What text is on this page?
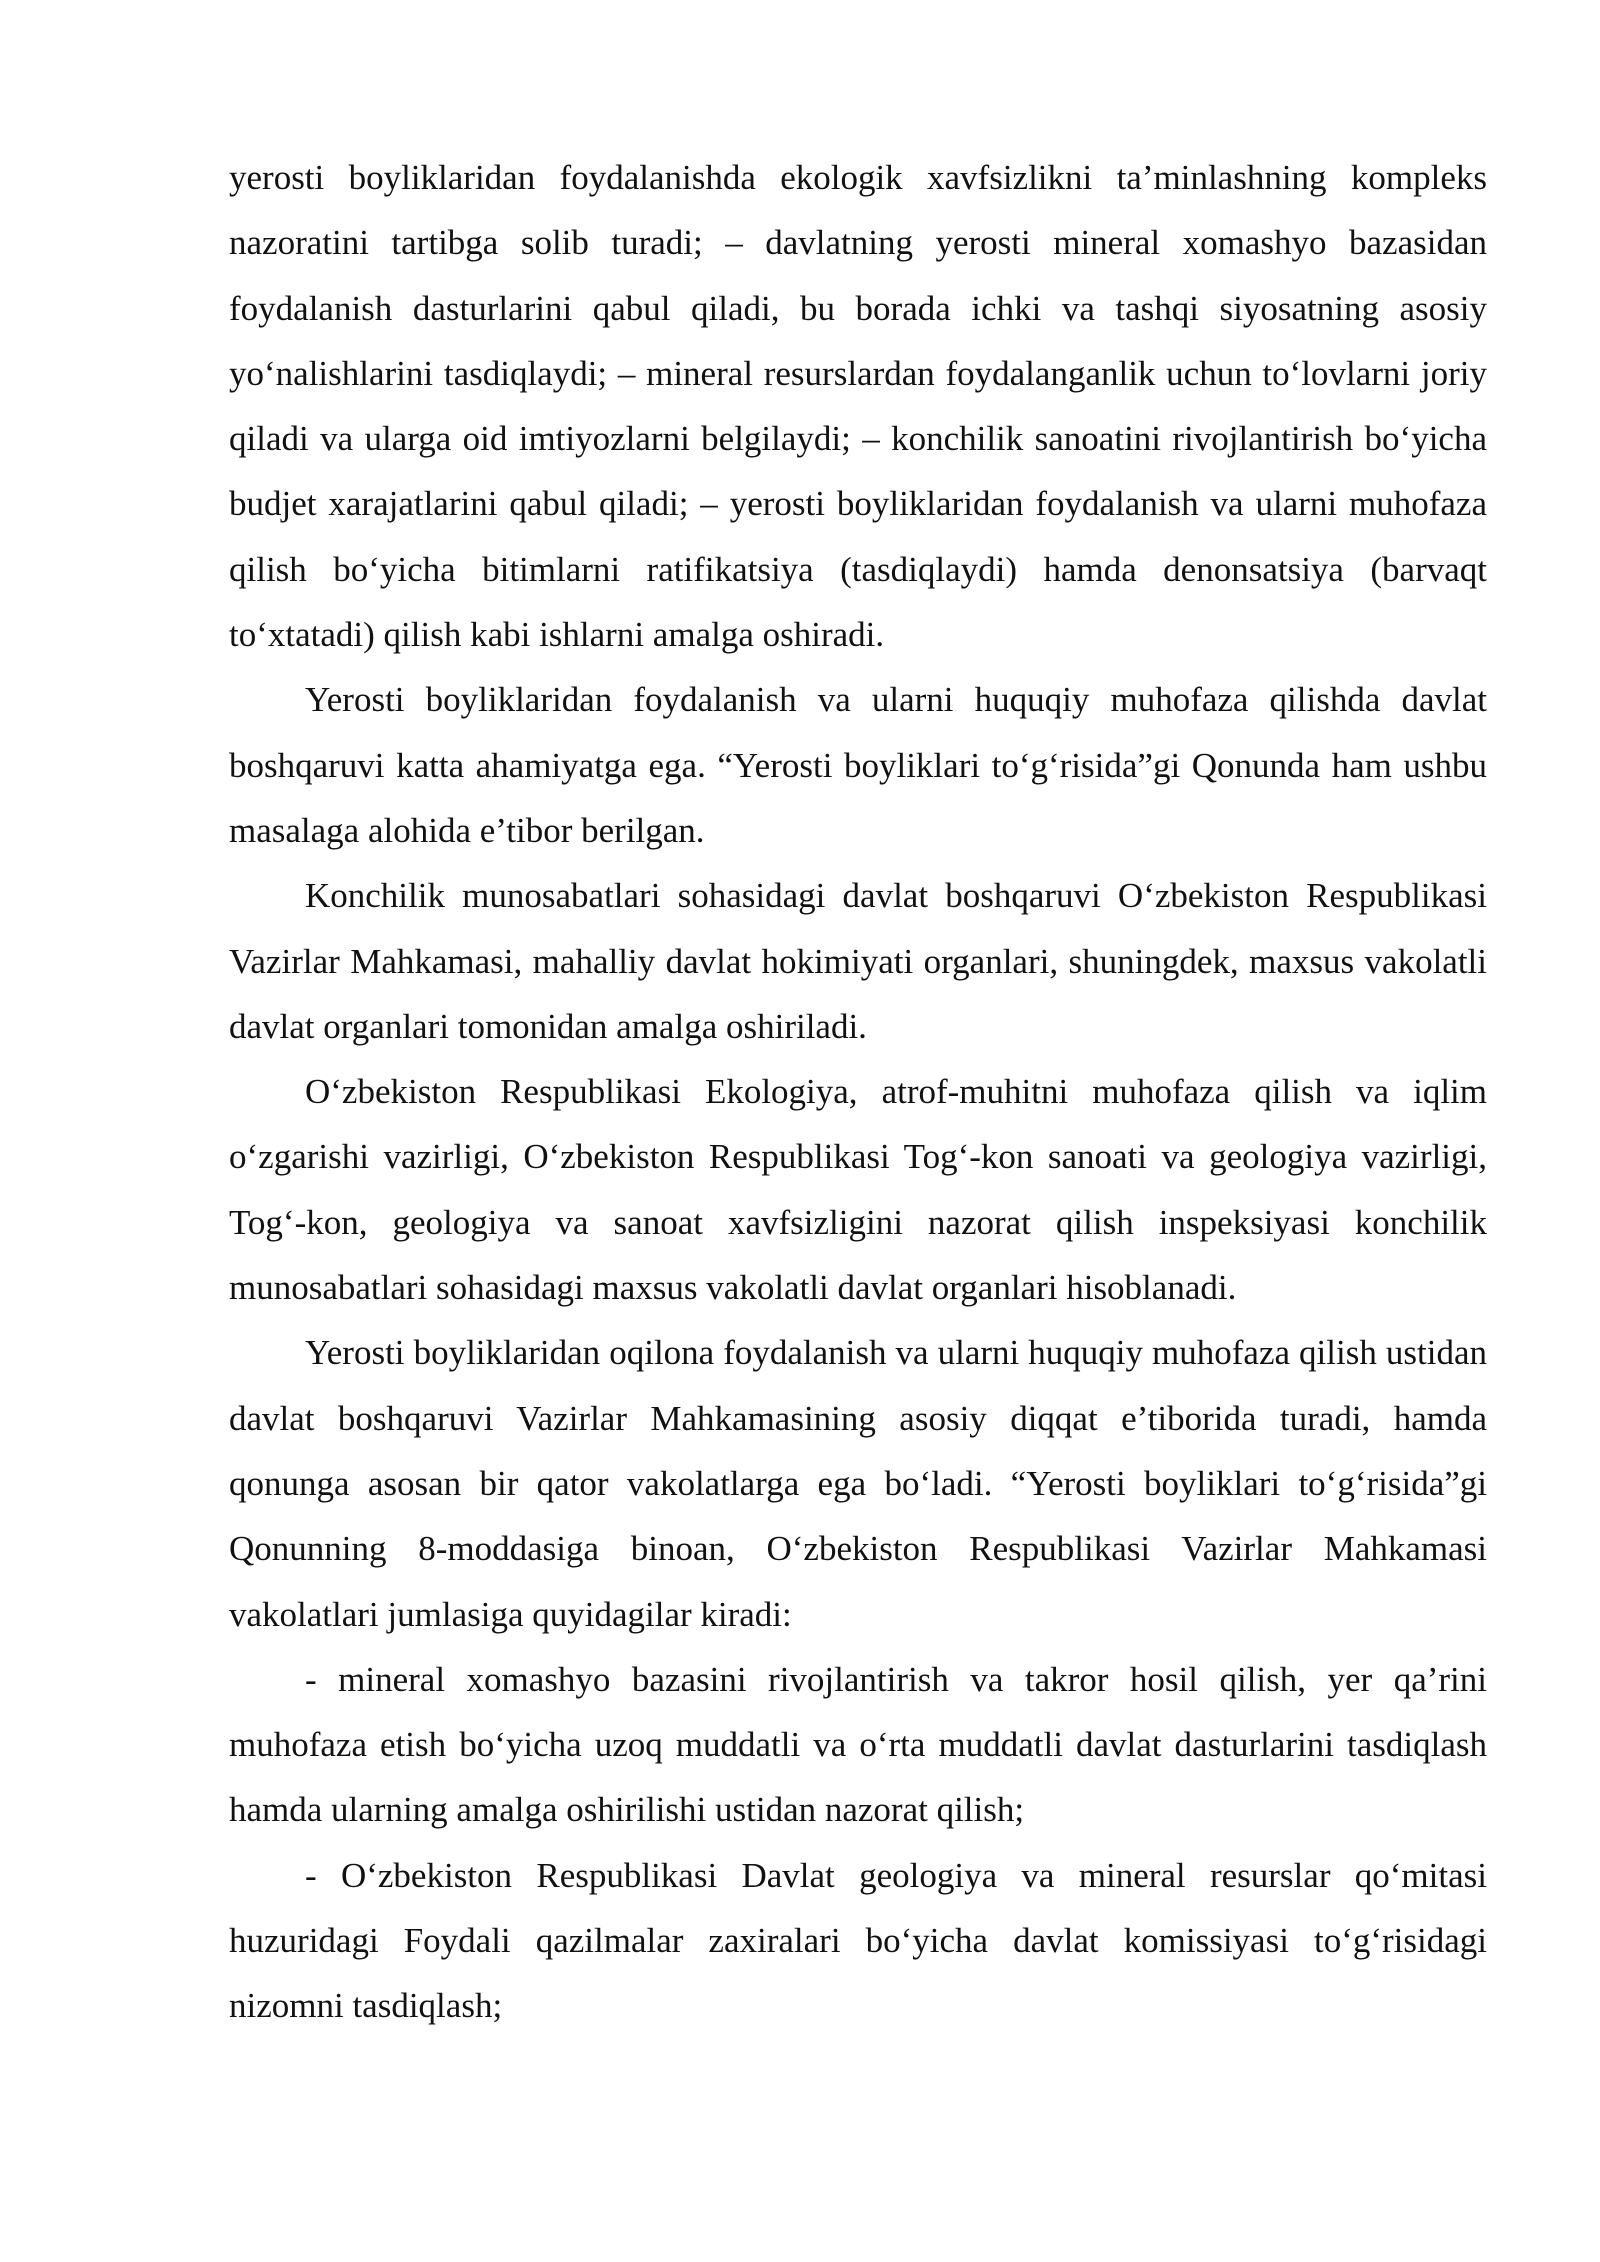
yerosti boyliklaridan foydalanishda ekologik xavfsizlikni ta’minlashning kompleks nazoratini tartibga solib turadi; – davlatning yerosti mineral xomashyo bazasidan foydalanish dasturlarini qabul qiladi, bu borada ichki va tashqi siyosatning asosiy yo‘nalishlarini tasdiqlaydi; – mineral resurslardan foydalanganlik uchun to‘lovlarni joriy qiladi va ularga oid imtiyozlarni belgilaydi; – konchilik sanoatini rivojlantirish bo‘yicha budjet xarajatlarini qabul qiladi; – yerosti boyliklaridan foydalanish va ularni muhofaza qilish bo‘yicha bitimlarni ratifikatsiya (tasdiqlaydi) hamda denonsatsiya (barvaqt to‘xtatadi) qilish kabi ishlarni amalga oshiradi.

Yerosti boyliklaridan foydalanish va ularni huquqiy muhofaza qilishda davlat boshqaruvi katta ahamiyatga ega. “Yerosti boyliklari to‘g‘risida”gi Qonunda ham ushbu masalaga alohida e’tibor berilgan.

Konchilik munosabatlari sohasidagi davlat boshqaruvi O‘zbekiston Respublikasi Vazirlar Mahkamasi, mahalliy davlat hokimiyati organlari, shuningdek, maxsus vakolatli davlat organlari tomonidan amalga oshiriladi.

O‘zbekiston Respublikasi Ekologiya, atrof-muhitni muhofaza qilish va iqlim o‘zgarishi vazirligi, O‘zbekiston Respublikasi Tog‘-kon sanoati va geologiya vazirligi, Tog‘-kon, geologiya va sanoat xavfsizligini nazorat qilish inspeksiyasi konchilik munosabatlari sohasidagi maxsus vakolatli davlat organlari hisoblanadi.

Yerosti boyliklaridan oqilona foydalanish va ularni huquqiy muhofaza qilish ustidan davlat boshqaruvi Vazirlar Mahkamasining asosiy diqqat e’tiborida turadi, hamda qonunga asosan bir qator vakolatlarga ega bo‘ladi. “Yerosti boyliklari to‘g‘risida”gi Qonunning 8-moddasiga binoan, O‘zbekiston Respublikasi Vazirlar Mahkamasi vakolatlari jumlasiga quyidagilar kiradi:

- mineral xomashyo bazasini rivojlantirish va takror hosil qilish, yer qa’rini muhofaza etish bo‘yicha uzoq muddatli va o‘rta muddatli davlat dasturlarini tasdiqlash hamda ularning amalga oshirilishi ustidan nazorat qilish;

- O‘zbekiston Respublikasi Davlat geologiya va mineral resurslar qo‘mitasi huzuridagi Foydali qazilmalar zaxiralari bo‘yicha davlat komissiyasi to‘g‘risidagi nizomni tasdiqlash;
